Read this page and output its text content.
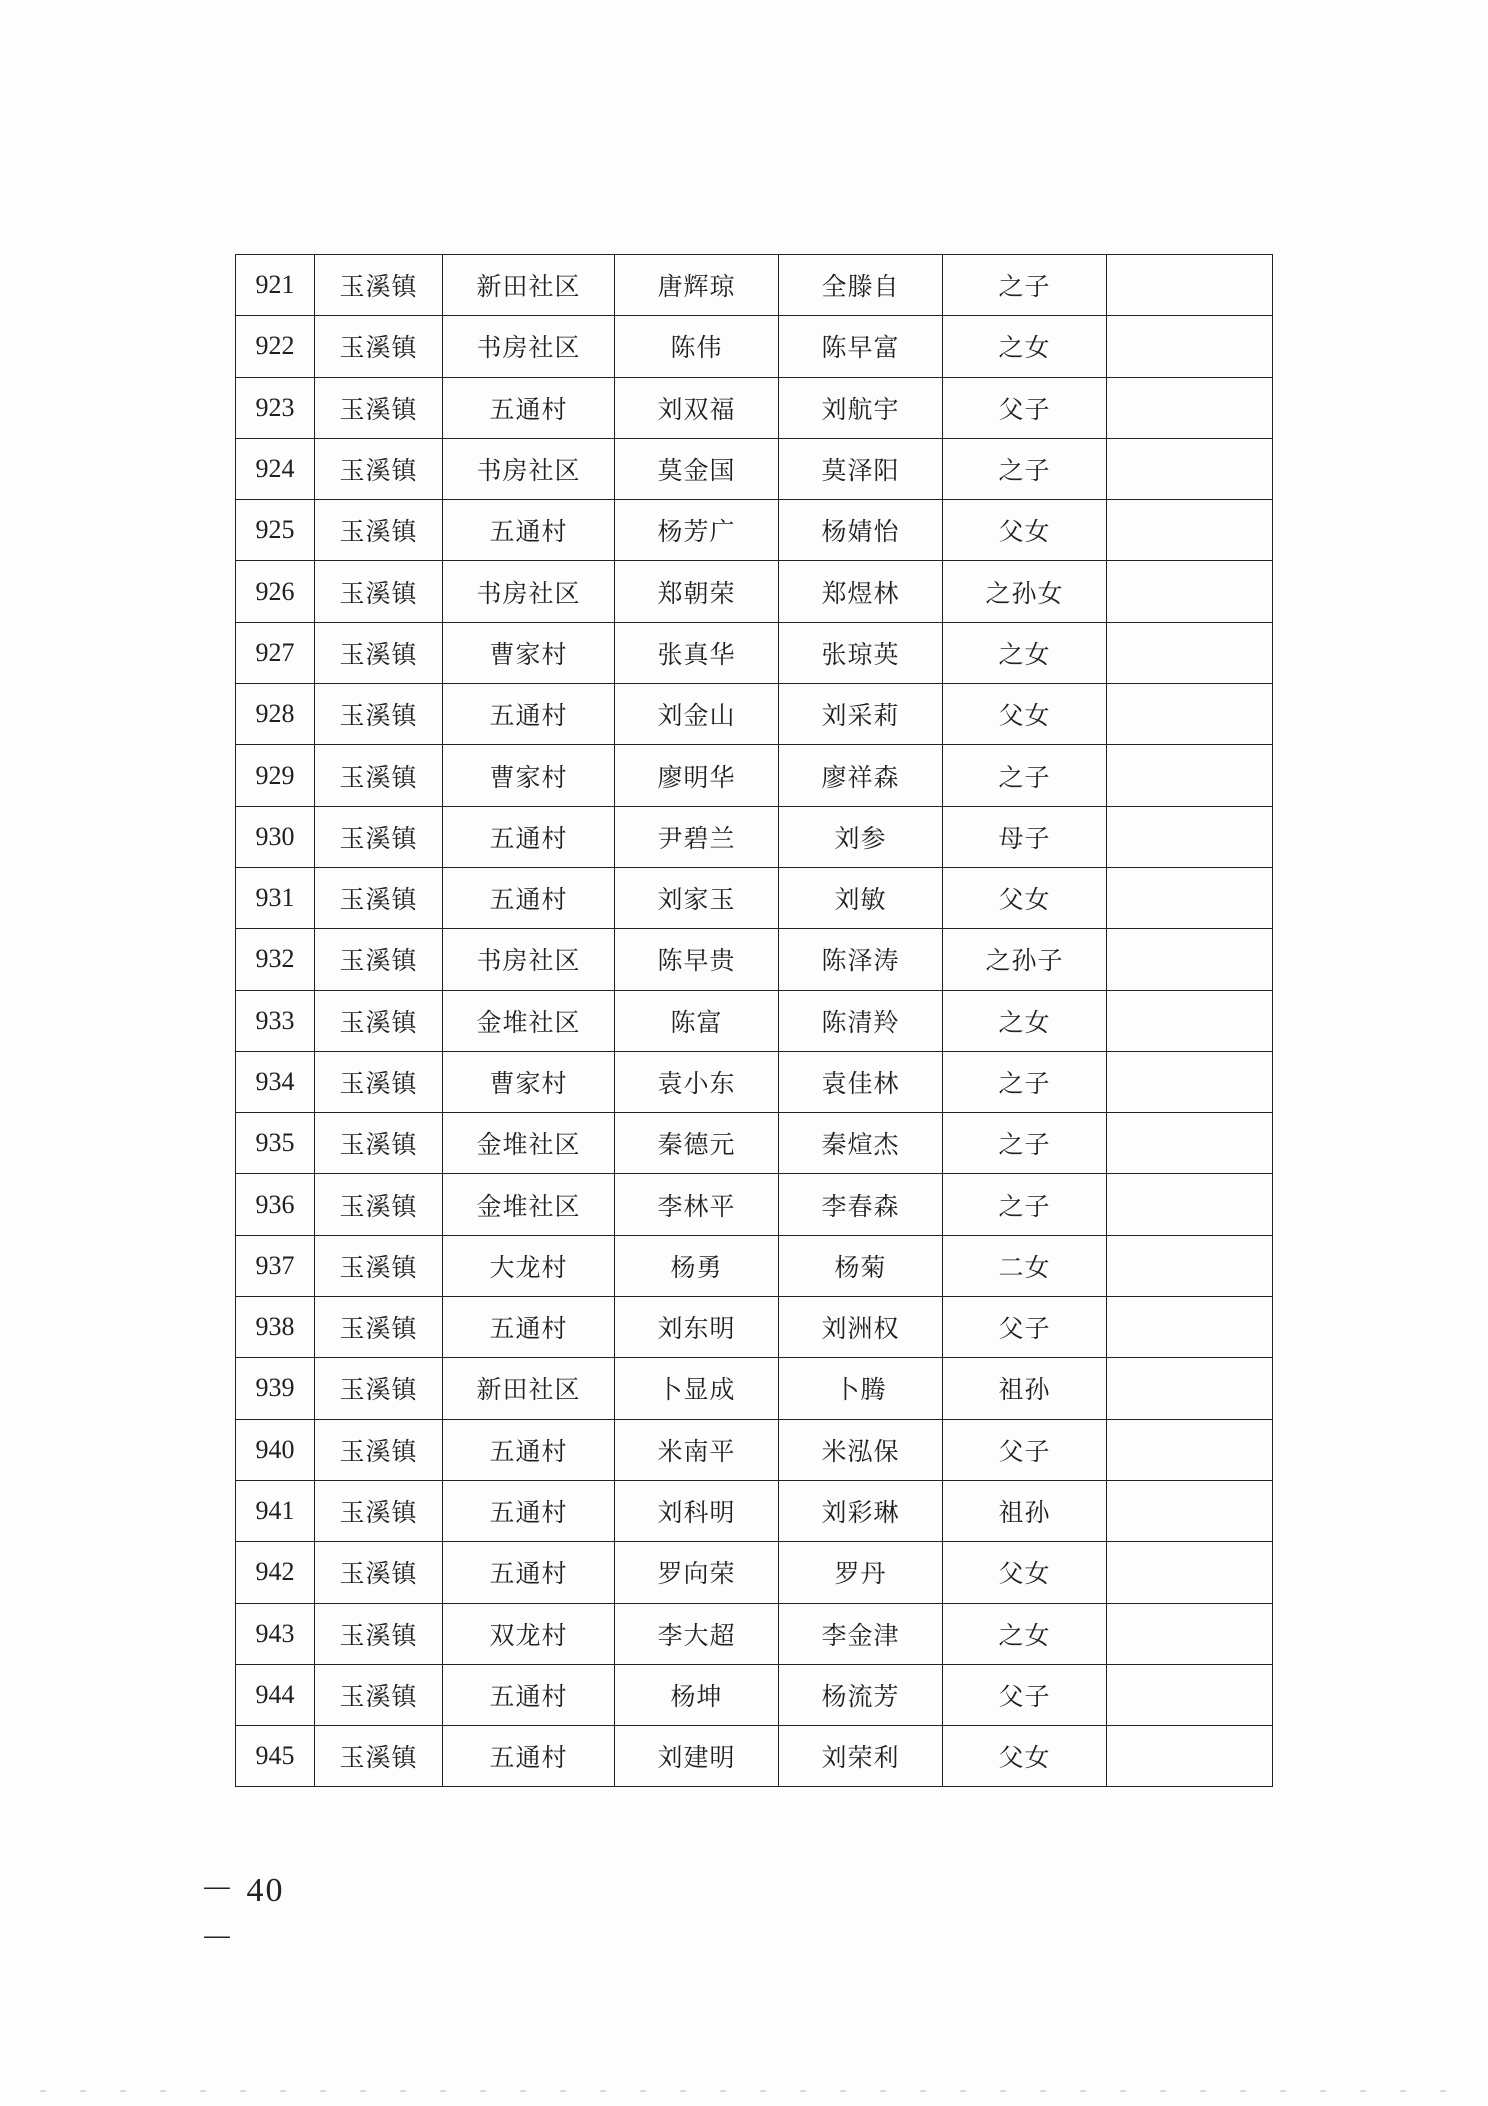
921	玉溪镇	新田社区	唐辉琼	全滕自	之子	
922	玉溪镇	书房社区	陈伟	陈早富	之女	
923	玉溪镇	五通村	刘双福	刘航宇	父子	
924	玉溪镇	书房社区	莫金国	莫泽阳	之子	
925	玉溪镇	五通村	杨芳广	杨婧怡	父女	
926	玉溪镇	书房社区	郑朝荣	郑煜林	之孙女	
927	玉溪镇	曹家村	张真华	张琼英	之女	
928	玉溪镇	五通村	刘金山	刘采莉	父女	
929	玉溪镇	曹家村	廖明华	廖祥森	之子	
930	玉溪镇	五通村	尹碧兰	刘参	母子	
931	玉溪镇	五通村	刘家玉	刘敏	父女	
932	玉溪镇	书房社区	陈早贵	陈泽涛	之孙子	
933	玉溪镇	金堆社区	陈富	陈清羚	之女	
934	玉溪镇	曹家村	袁小东	袁佳林	之子	
935	玉溪镇	金堆社区	秦德元	秦煊杰	之子	
936	玉溪镇	金堆社区	李林平	李春森	之子	
937	玉溪镇	大龙村	杨勇	杨菊	二女	
938	玉溪镇	五通村	刘东明	刘洲权	父子	
939	玉溪镇	新田社区	卜显成	卜腾	祖孙	
940	玉溪镇	五通村	米南平	米泓保	父子	
941	玉溪镇	五通村	刘科明	刘彩琳	祖孙	
942	玉溪镇	五通村	罗向荣	罗丹	父女	
943	玉溪镇	双龙村	李大超	李金津	之女	
944	玉溪镇	五通村	杨坤	杨流芳	父子	
945	玉溪镇	五通村	刘建明	刘荣利	父女	
－ 40 －
